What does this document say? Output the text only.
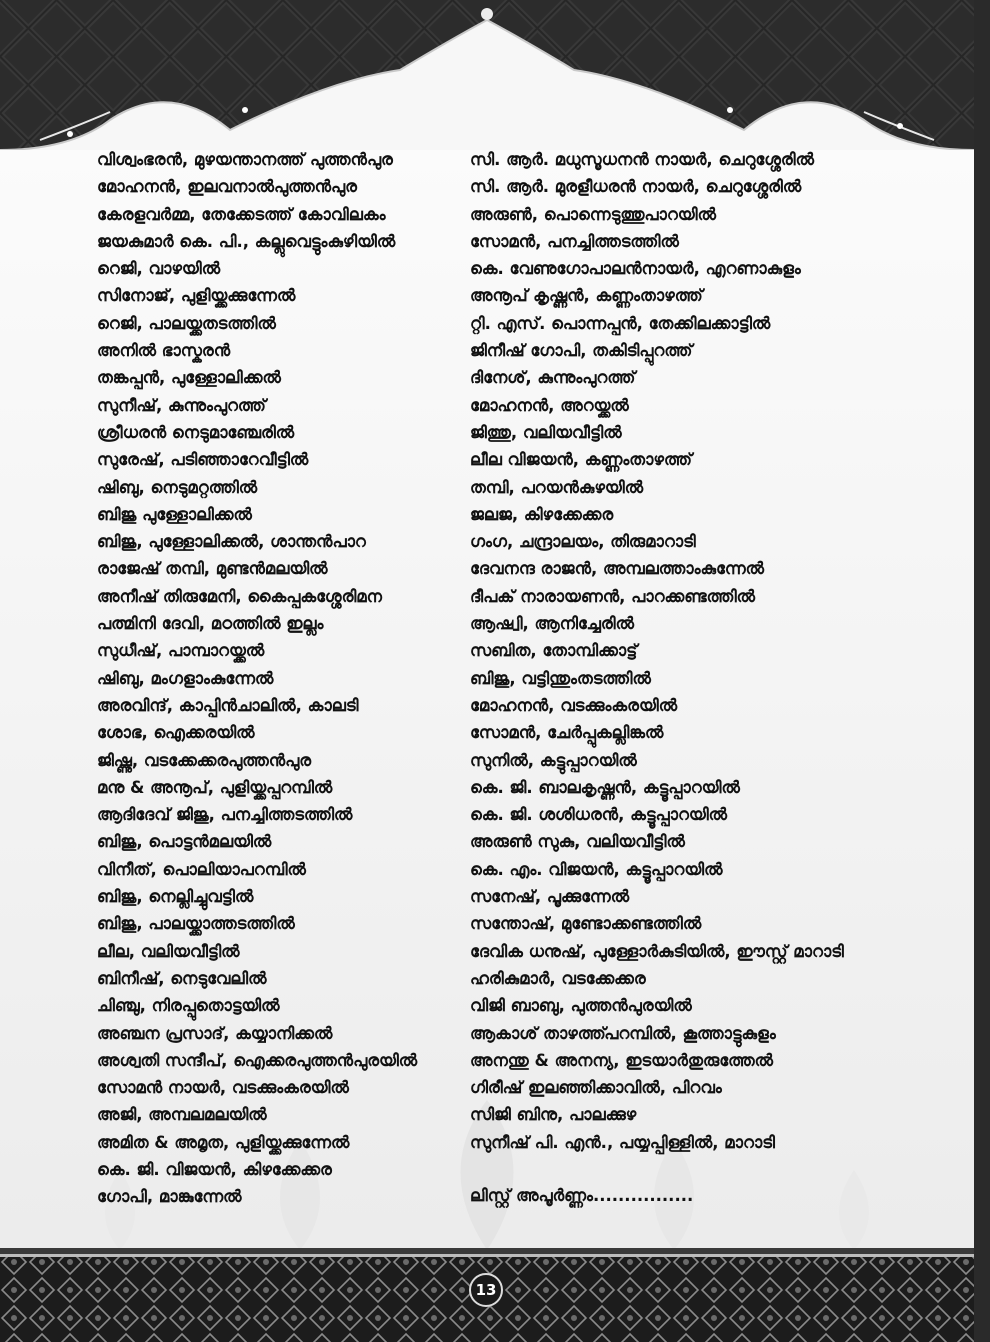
വിശ്വംഭരൻ, മുഴയന്താനത്ത് പുത്തൻപുര
മോഹനൻ, ഇലവനാൽപുത്തൻപുര
കേരളവർമ്മ, തേക്കേടത്ത് കോവിലകം
ജയകുമാർ കെ. പി., കല്ലുവെട്ടുംകുഴിയിൽ
റെജി, വാഴയിൽ
സിനോജ്, പുളിയ്ക്കക്കുന്നേൽ
റെജി, പാലയ്ക്കതടത്തിൽ
അനിൽ ഭാസ്കരൻ
തങ്കപ്പൻ, പുള്ളോലിക്കൽ
സുനീഷ്, കുന്നുംപുറത്ത്
ശ്രീധരൻ നെടുമാഞ്ചേരിൽ
സുരേഷ്, പടിഞ്ഞാറേവീട്ടിൽ
ഷിബു, നെടുമറ്റത്തിൽ
ബിജു പുള്ളോലിക്കൽ
ബിജു, പുള്ളോലിക്കൽ, ശാന്തൻപാറ
രാജേഷ് തമ്പി, മുണ്ടൻമലയിൽ
അനീഷ് തിരുമേനി, കൈപ്പകശ്ശേരിമന
പത്മിനി ദേവി, മഠത്തിൽ ഇല്ലം
സുധീഷ്, പാമ്പാറയ്ക്കൽ
ഷിബു, മംഗളാംകുന്നേൽ
അരവിന്ദ്, കാപ്പിൻചാലിൽ, കാലടി
ശോഭ, ഐക്കരയിൽ
ജിഷ്ണു, വടക്കേക്കരപുത്തൻപുര
മനു & അനൂപ്, പുളിയ്ക്കപ്പറമ്പിൽ
ആദിദേവ് ജിജു, പനച്ചിത്തടത്തിൽ
ബിജു, പൊട്ടൻമലയിൽ
വിനീത്, പൊലിയാപറമ്പിൽ
ബിജു, നെല്ലിച്ചുവട്ടിൽ
ബിജു, പാലയ്ക്കാത്തടത്തിൽ
ലീല, വലിയവീട്ടിൽ
ബിനീഷ്, നെടുവേലിൽ
ചിഞ്ചു, നിരപ്പുതൊട്ടയിൽ
അഞ്ചന പ്രസാദ്, കയ്യാനിക്കൽ
അശ്വതി സന്ദീപ്, ഐക്കരപുത്തൻപുരയിൽ
സോമൻ നായർ, വടക്കുംകരയിൽ
അജി, അമ്പലമലയിൽ
അമിത & അമൃത, പുളിയ്ക്കക്കുന്നേൽ
കെ. ജി. വിജയൻ, കിഴക്കേക്കര
ഗോപി, മാങ്കുന്നേൽ
സി. ആർ. മധുസൂധനൻ നായർ, ചെറുശ്ശേരിൽ
സി. ആർ. മുരളീധരൻ നായർ, ചെറുശ്ശേരിൽ
അരുൺ, പൊന്നെടുത്തുപാറയിൽ
സോമൻ, പനച്ചിത്തടത്തിൽ
കെ. വേണുഗോപാലൻനായർ, എറണാകുളം
അനൂപ് കൃഷ്ണൻ, കണ്ണംതാഴത്ത്
റ്റി. എസ്. പൊന്നപ്പൻ, തേക്കിലക്കാട്ടിൽ
ജിനീഷ് ഗോപി, തകിടിപ്പുറത്ത്
ദിനേശ്, കുന്നുംപുറത്ത്
മോഹനൻ, അറയ്ക്കൽ
ജിത്തു, വലിയവീട്ടിൽ
ലീല വിജയൻ, കണ്ണംതാഴത്ത്
തമ്പി, പറയൻകുഴയിൽ
ജലജ, കിഴക്കേക്കര
ഗംഗ, ചന്ദ്രാലയം, തിരുമാറാടി
ദേവനന്ദ രാജൻ, അമ്പലത്താംകുന്നേൽ
ദീപക് നാരായണൻ, പാറക്കണ്ടത്തിൽ
ആഷ്വി, ആനിച്ചേരിൽ
സബിത, തോമ്പിക്കാട്ട്
ബിജു, വട്ടിന്തുംതടത്തിൽ
മോഹനൻ, വടക്കുംകരയിൽ
സോമൻ, ചേർപ്പുകല്ലിങ്കൽ
സുനിൽ, കട്ടുപ്പാറയിൽ
കെ. ജി. ബാലകൃഷ്ണൻ, കട്ടൂപ്പാറയിൽ
കെ. ജി. ശശിധരൻ, കട്ടൂപ്പാറയിൽ
അരുൺ സുകു, വലിയവീട്ടിൽ
കെ. എം. വിജയൻ, കട്ടൂപ്പാറയിൽ
സനേഷ്, പൂക്കുന്നേൽ
സന്തോഷ്, മുണ്ടോക്കണ്ടത്തിൽ
ദേവിക ധനുഷ്, പുള്ളോർകുടിയിൽ, ഈസ്റ്റ് മാറാടി
ഹരികുമാർ, വടക്കേക്കര
വിജി ബാബു, പുത്തൻപുരയിൽ
ആകാശ് താഴത്ത്പറമ്പിൽ, കൂത്താട്ടുകുളം
അനന്തു & അനന്യ, ഇടയാർതുരുത്തേൽ
ഗിരീഷ് ഇലഞ്ഞിക്കാവിൽ, പിറവം
സിജി ബിനു, പാലക്കുഴ
സുനീഷ് പി. എൻ., പയ്യപ്പിള്ളിൽ, മാറാടി
ലിസ്റ്റ് അപൂർണ്ണം................
13
